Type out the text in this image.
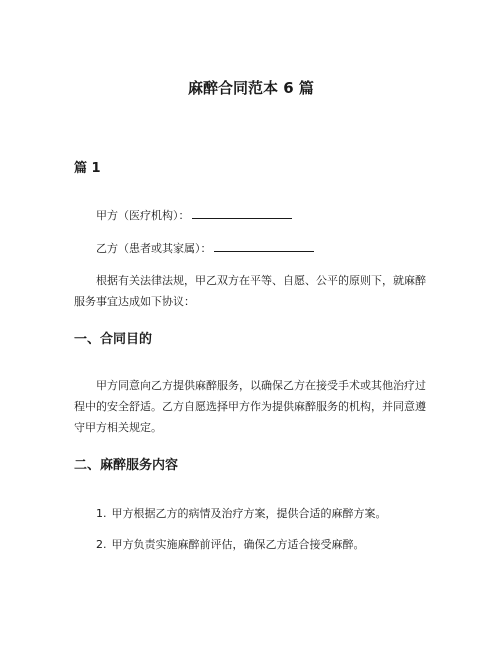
麻醉合同范本 6 篇
篇 1
甲方（医疗机构）：
乙方（患者或其家属）：

根据有关法律法规，甲乙双方在平等、自愿、公平的原则下，就麻醉服务事宜达成如下协议：

一、合同目的

甲方同意向乙方提供麻醉服务，以确保乙方在接受手术或其他治疗过程中的安全舒适。乙方自愿选择甲方作为提供麻醉服务的机构，并同意遵守甲方相关规定。

二、麻醉服务内容
1. 甲方根据乙方的病情及治疗方案，提供合适的麻醉方案。
2. 甲方负责实施麻醉前评估，确保乙方适合接受麻醉。
